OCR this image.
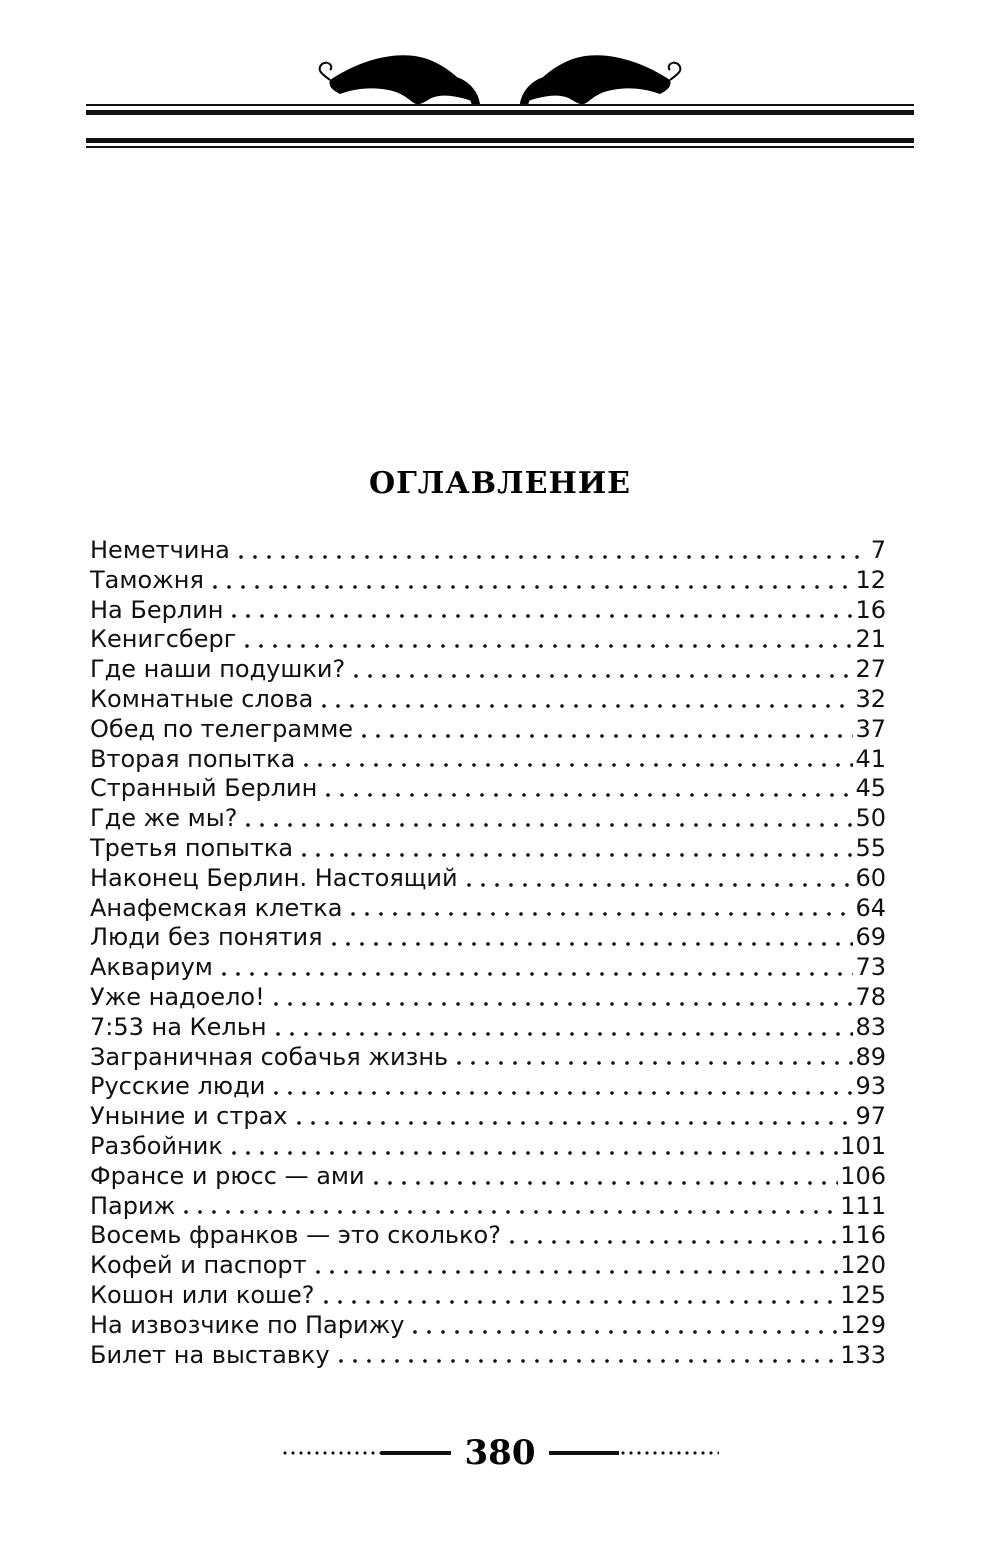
ОГЛАВЛЕНИЕ
Неметчина	7
Таможня	12
На Берлин	16
Кенигсберг	21
Где наши подушки?	27
Комнатные слова	32
Обед по телеграмме	37
Вторая попытка	41
Странный Берлин	45
Где же мы?	50
Третья попытка	55
Наконец Берлин. Настоящий	60
Анафемская клетка	64
Люди без понятия	69
Аквариум	73
Уже надоело!	78
7:53 на Кельн	83
Заграничная собачья жизнь	89
Русские люди	93
Уныние и страх	97
Разбойник	101
Франсе и рюсс — ами	106
Париж	111
Восемь франков — это сколько?	116
Кофей и паспорт	120
Кошон или коше?	125
На извозчике по Парижу	129
Билет на выставку	133
380
